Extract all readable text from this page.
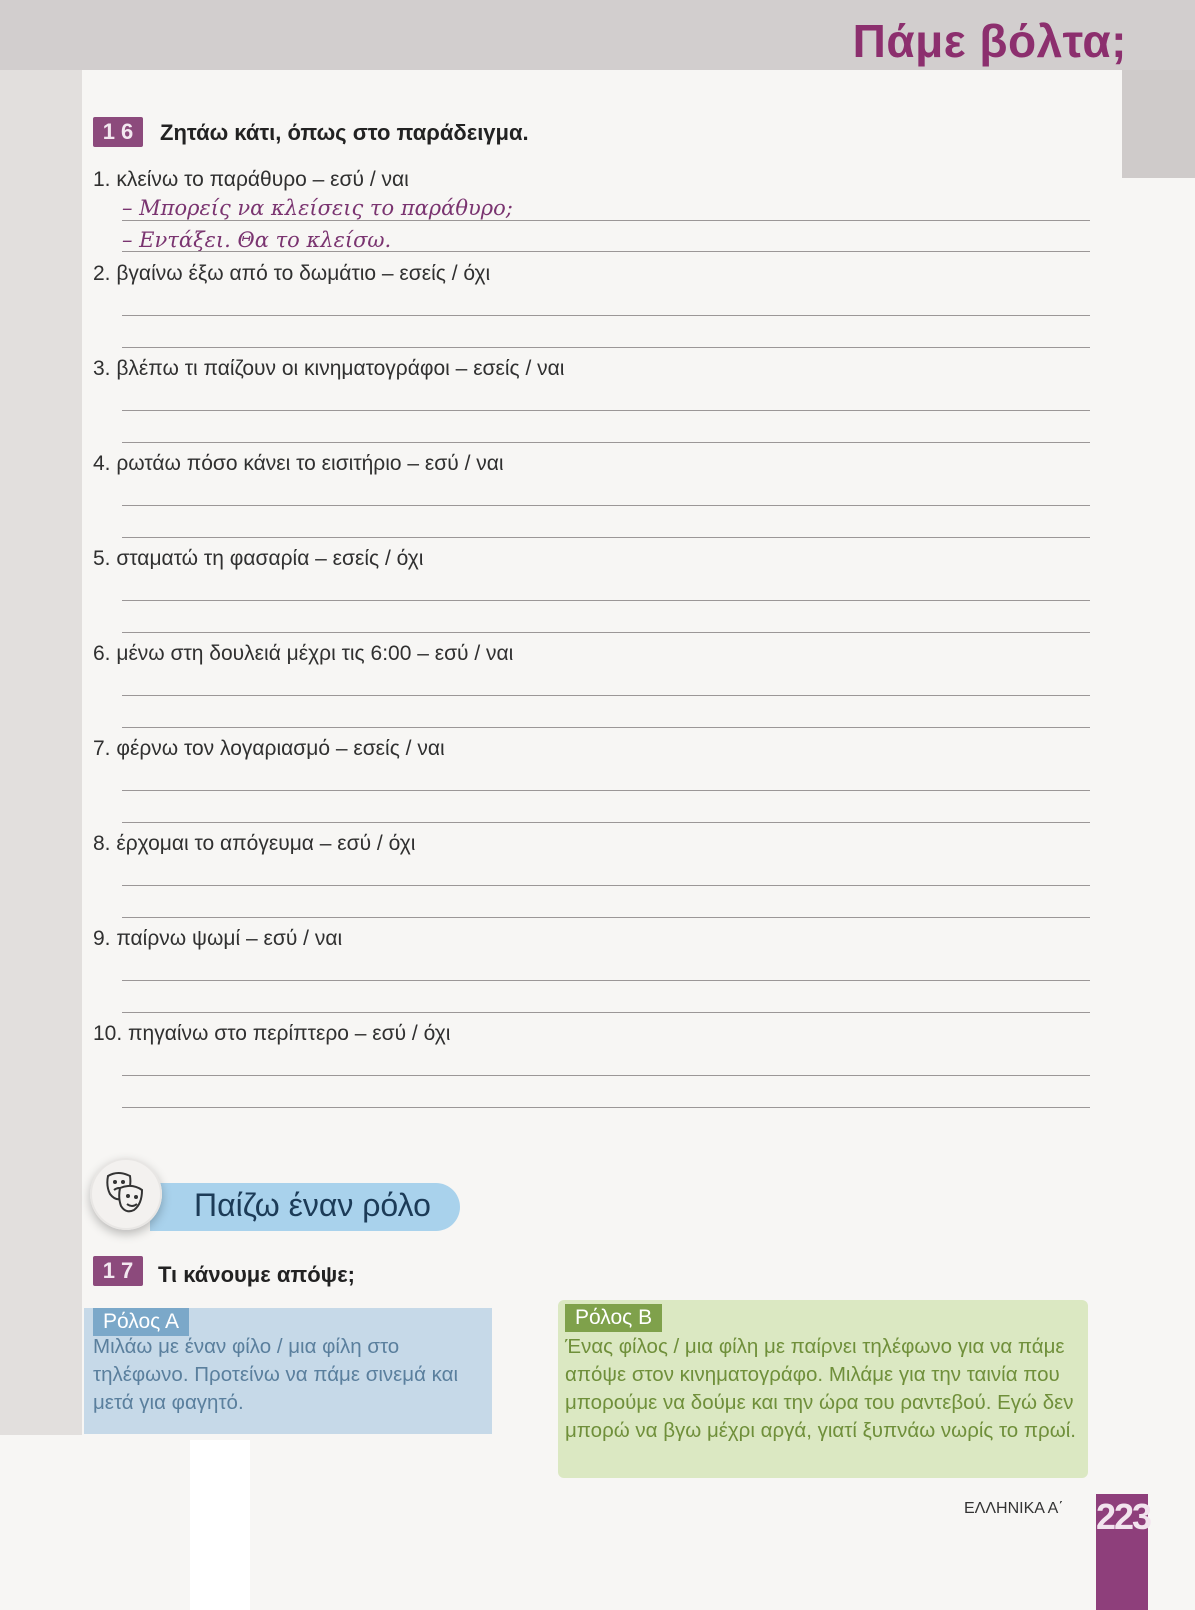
Πάμε βόλτα;
1 6	Ζητάω κάτι, όπως στο παράδειγμα.
1. κλείνω το παράθυρο – εσύ / ναι
– Μπορείς να κλείσεις το παράθυρο;
– Εντάξει. Θα το κλείσω.
2. βγαίνω έξω από το δωμάτιο – εσείς / όχι
3. βλέπω τι παίζουν οι κινηματογράφοι – εσείς / ναι
4. ρωτάω πόσο κάνει το εισιτήριο – εσύ / ναι
5. σταματώ τη φασαρία – εσείς / όχι
6. μένω στη δουλειά μέχρι τις 6:00 – εσύ / ναι
7. φέρνω τον λογαριασμό – εσείς / ναι
8. έρχομαι το απόγευμα – εσύ / όχι
9. παίρνω ψωμί – εσύ / ναι
10. πηγαίνω στο περίπτερο – εσύ / όχι
Παίζω έναν ρόλο
1 7	Τι κάνουμε απόψε;
Ρόλος Α
Μιλάω με έναν φίλο / μια φίλη στο τηλέφωνο. Προτείνω να πάμε σινεμά και μετά για φαγητό.
Ρόλος Β
Ένας φίλος / μια φίλη με παίρνει τηλέφωνο για να πάμε απόψε στον κινηματογράφο. Μιλάμε για την ταινία που μπορούμε να δούμε και την ώρα του ραντεβού. Εγώ δεν μπορώ να βγω μέχρι αργά, γιατί ξυπνάω νωρίς το πρωί.
ΕΛΛΗΝΙΚΑ Α΄ 223
